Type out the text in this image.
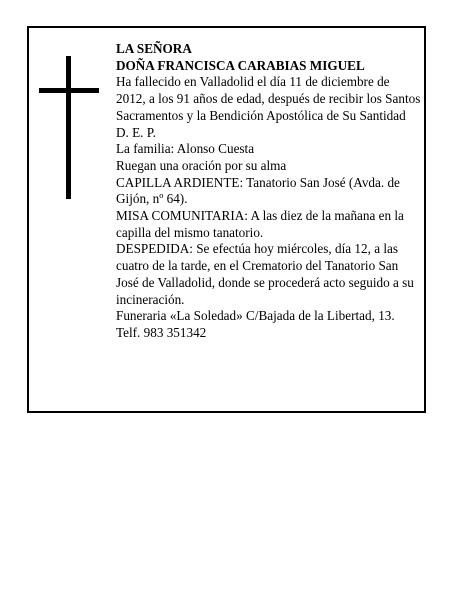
LA SEÑORA

DOÑA FRANCISCA CARABIAS MIGUEL

Ha fallecido en Valladolid el día 11 de diciembre de 2012, a los 91 años de edad, después de recibir los Santos Sacramentos y la Bendición Apostólica de Su Santidad

D. E. P.

La familia: Alonso Cuesta

Ruegan una oración por su alma

CAPILLA ARDIENTE: Tanatorio San José (Avda. de Gijón, nº 64).

MISA COMUNITARIA: A las diez de la mañana en la capilla del mismo tanatorio.

DESPEDIDA: Se efectúa hoy miércoles, día 12, a las cuatro de la tarde, en el Crematorio del Tanatorio San José de Valladolid, donde se procederá acto seguido a su incineración.

Funeraria «La Soledad» C/Bajada de la Libertad, 13. Telf. 983 351342
